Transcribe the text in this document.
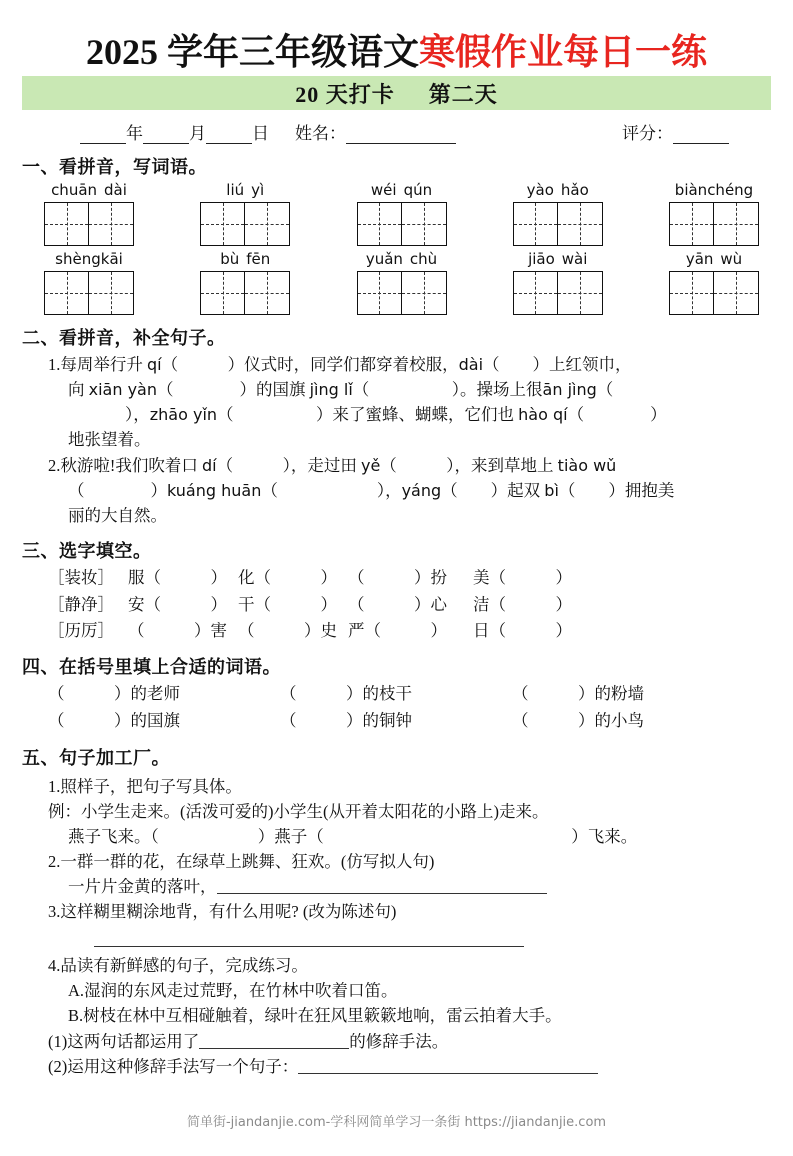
2025 学年三年级语文寒假作业每日一练
20 天打卡 第二天
年	月	日 姓名：	评分：
一、看拼音，写词语。
chuān dài	liú yì	wéi qún	yào hǎo	biànchéng
shèngkāi	bù fēn	yuǎn chù	jiāo wài	yān wù
二、看拼音，补全句子。
1.每周举行升 qí（　　　）仪式时，同学们都穿着校服，dài（　　）上红领巾，
向 xiān yàn（　　　　）的国旗 jìng lǐ（　　　　　）。操场上很ān jìng（
　　），zhāo yǐn（　　　　　）来了蜜蜂、蝴蝶，它们也 hào qí（　　　　）
地张望着。
2.秋游啦!我们吹着口 dí（　　　），走过田 yě（　　　），来到草地上 tiào wǔ
（　　　　）kuáng huān（　　　　　　），yáng（　　）起双 bì（　　）拥抱美
丽的大自然。
三、选字填空。
［装妆］ 服（　　　） 化（　　　） （　　　）扮	美（　　　）
［静净］ 安（　　　） 干（　　　） （　　　）心	洁（　　　）
［历厉］ （　　　）害 （　　　）史 严（　　　）	日（　　　）
四、在括号里填上合适的词语。
（　　　）的老师	（　　　）的枝干	（　　　）的粉墙
（　　　）的国旗	（　　　）的铜钟	（　　　）的小鸟
五、句子加工厂。
1.照样子，把句子写具体。
例：小学生走来。(活泼可爱的)小学生(从开着太阳花的小路上)走来。
燕子飞来。（　　　　　　）燕子（　　　　　　　　　　　　　　　）飞来。
2.一群一群的花，在绿草上跳舞、狂欢。(仿写拟人句)
一片片金黄的落叶，
3.这样糊里糊涂地背，有什么用呢? (改为陈述句)
4.品读有新鲜感的句子，完成练习。
A.湿润的东风走过荒野，在竹林中吹着口笛。
B.树枝在林中互相碰触着，绿叶在狂风里簌簌地响，雷云拍着大手。
(1)这两句话都运用了	的修辞手法。
(2)运用这种修辞手法写一个句子：
简单街-jiandanjie.com-学科网简单学习一条街 https://jiandanjie.com
